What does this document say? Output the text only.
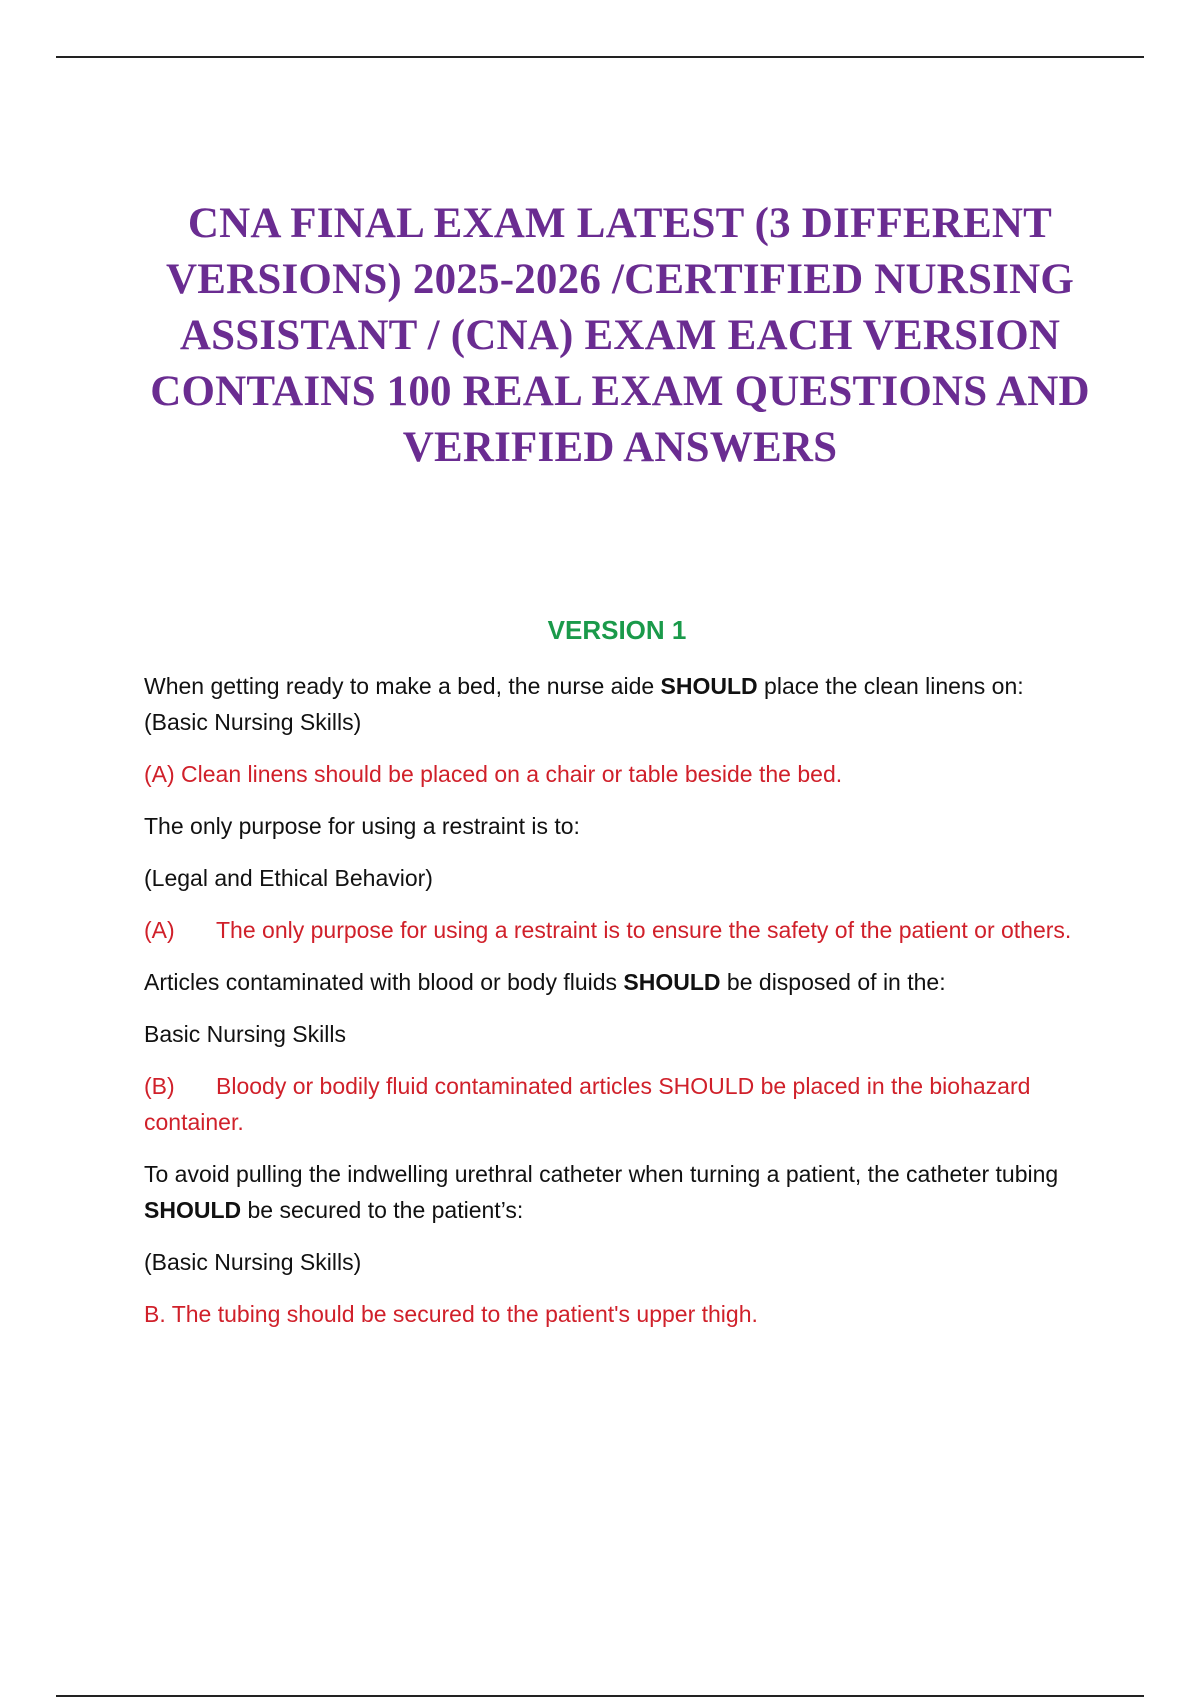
CNA FINAL EXAM LATEST (3 DIFFERENT VERSIONS) 2025-2026 /CERTIFIED NURSING ASSISTANT / (CNA) EXAM EACH VERSION CONTAINS 100 REAL EXAM QUESTIONS AND VERIFIED ANSWERS
VERSION 1

When getting ready to make a bed, the nurse aide SHOULD place the clean linens on: (Basic Nursing Skills)

(A) Clean linens should be placed on a chair or table beside the bed.

The only purpose for using a restraint is to:

(Legal and Ethical Behavior)

(A) The only purpose for using a restraint is to ensure the safety of the patient or others.

Articles contaminated with blood or body fluids SHOULD be disposed of in the:

Basic Nursing Skills

(B) Bloody or bodily fluid contaminated articles SHOULD be placed in the biohazard container.

To avoid pulling the indwelling urethral catheter when turning a patient, the catheter tubing SHOULD be secured to the patient’s:

(Basic Nursing Skills)

B. The tubing should be secured to the patient's upper thigh.
